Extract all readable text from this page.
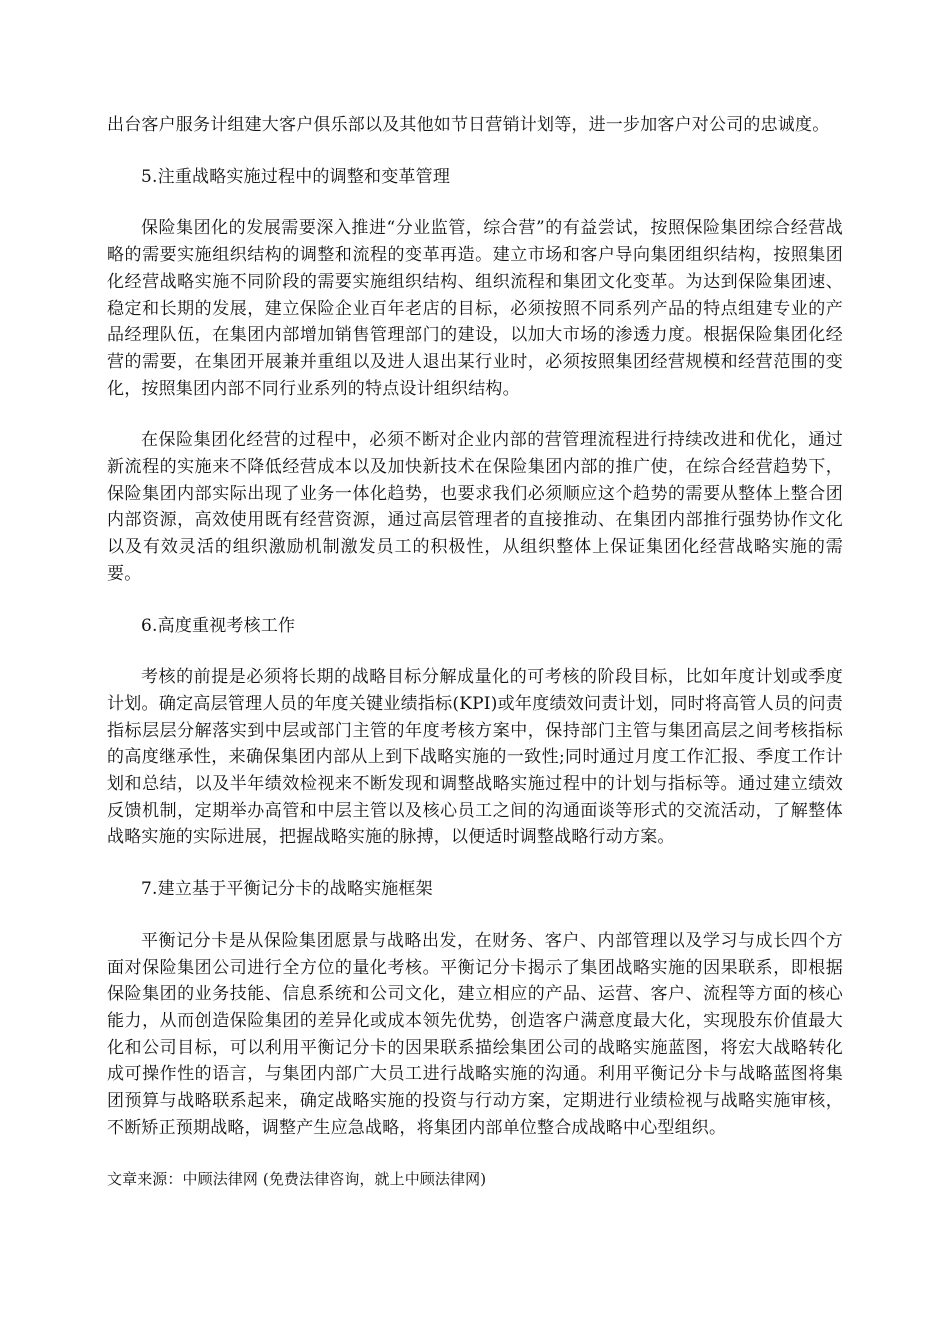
出台客户服务计组建大客户俱乐部以及其他如节日营销计划等，进一步加客户对公司的忠诚度。

5.注重战略实施过程中的调整和变革管理

保险集团化的发展需要深入推进“分业监管，综合营”的有益尝试，按照保险集团综合经营战略的需要实施组织结构的调整和流程的变革再造。建立市场和客户导向集团组织结构，按照集团化经营战略实施不同阶段的需要实施组织结构、组织流程和集团文化变革。为达到保险集团速、稳定和长期的发展，建立保险企业百年老店的目标，必须按照不同系列产品的特点组建专业的产品经理队伍，在集团内部增加销售管理部门的建设，以加大市场的渗透力度。根据保险集团化经营的需要，在集团开展兼并重组以及进人退出某行业时，必须按照集团经营规模和经营范围的变化，按照集团内部不同行业系列的特点设计组织结构。

在保险集团化经营的过程中，必须不断对企业内部的营管理流程进行持续改进和优化，通过新流程的实施来不降低经营成本以及加快新技术在保险集团内部的推广使，在综合经营趋势下，保险集团内部实际出现了业务一体化趋势，也要求我们必须顺应这个趋势的需要从整体上整合团内部资源，高效使用既有经营资源，通过高层管理者的直接推动、在集团内部推行强势协作文化以及有效灵活的组织激励机制激发员工的积极性，从组织整体上保证集团化经营战略实施的需要。

6.高度重视考核工作

考核的前提是必须将长期的战略目标分解成量化的可考核的阶段目标，比如年度计划或季度计划。确定高层管理人员的年度关键业绩指标(KPI)或年度绩效问责计划，同时将高管人员的问责指标层层分解落实到中层或部门主管的年度考核方案中，保持部门主管与集团高层之间考核指标的高度继承性，来确保集团内部从上到下战略实施的一致性;同时通过月度工作汇报、季度工作计划和总结，以及半年绩效检视来不断发现和调整战略实施过程中的计划与指标等。通过建立绩效反馈机制，定期举办高管和中层主管以及核心员工之间的沟通面谈等形式的交流活动，了解整体战略实施的实际进展，把握战略实施的脉搏，以便适时调整战略行动方案。

7.建立基于平衡记分卡的战略实施框架

平衡记分卡是从保险集团愿景与战略出发，在财务、客户、内部管理以及学习与成长四个方面对保险集团公司进行全方位的量化考核。平衡记分卡揭示了集团战略实施的因果联系，即根据保险集团的业务技能、信息系统和公司文化，建立相应的产品、运营、客户、流程等方面的核心能力，从而创造保险集团的差异化或成本领先优势，创造客户满意度最大化，实现股东价值最大化和公司目标，可以利用平衡记分卡的因果联系描绘集团公司的战略实施蓝图，将宏大战略转化成可操作性的语言，与集团内部广大员工进行战略实施的沟通。利用平衡记分卡与战略蓝图将集团预算与战略联系起来，确定战略实施的投资与行动方案，定期进行业绩检视与战略实施审核，不断矫正预期战略，调整产生应急战略，将集团内部单位整合成战略中心型组织。

文章来源：中顾法律网 (免费法律咨询，就上中顾法律网)
